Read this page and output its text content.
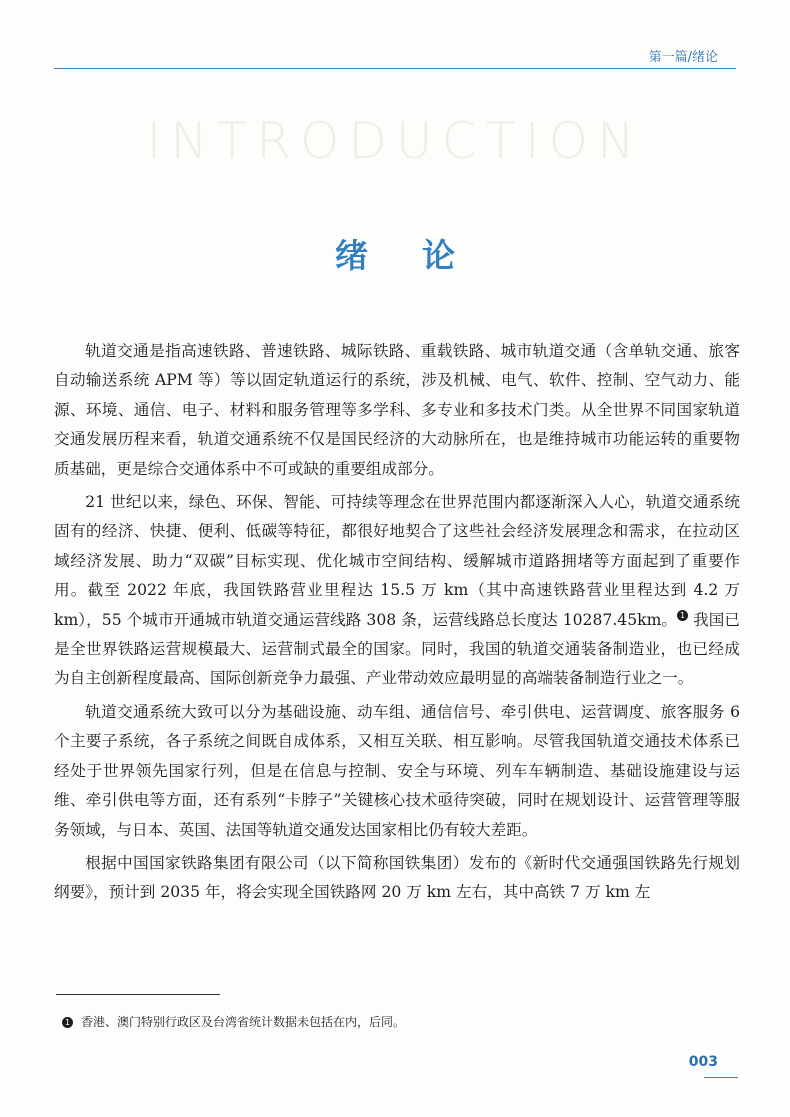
第一篇/绪论
INTRODUCTION
绪论

轨道交通是指高速铁路、普速铁路、城际铁路、重载铁路、城市轨道交通（含单轨交通、旅客自动输送系统 APM 等）等以固定轨道运行的系统，涉及机械、电气、软件、控制、空气动力、能源、环境、通信、电子、材料和服务管理等多学科、多专业和多技术门类。从全世界不同国家轨道交通发展历程来看，轨道交通系统不仅是国民经济的大动脉所在，也是维持城市功能运转的重要物质基础，更是综合交通体系中不可或缺的重要组成部分。

21 世纪以来，绿色、环保、智能、可持续等理念在世界范围内都逐渐深入人心，轨道交通系统固有的经济、快捷、便利、低碳等特征，都很好地契合了这些社会经济发展理念和需求，在拉动区域经济发展、助力“双碳”目标实现、优化城市空间结构、缓解城市道路拥堵等方面起到了重要作用。截至 2022 年底，我国铁路营业里程达 15.5 万 km（其中高速铁路营业里程达到 4.2 万 km），55 个城市开通城市轨道交通运营线路 308 条，运营线路总长度达 10287.45km。 1 我国已是全世界铁路运营规模最大、运营制式最全的国家。同时，我国的轨道交通装备制造业，也已经成为自主创新程度最高、国际创新竞争力最强、产业带动效应最明显的高端装备制造行业之一。

轨道交通系统大致可以分为基础设施、动车组、通信信号、牵引供电、运营调度、旅客服务 6 个主要子系统，各子系统之间既自成体系，又相互关联、相互影响。尽管我国轨道交通技术体系已经处于世界领先国家行列，但是在信息与控制、安全与环境、列车车辆制造、基础设施建设与运维、牵引供电等方面，还有系列“卡脖子”关键核心技术亟待突破，同时在规划设计、运营管理等服务领域，与日本、英国、法国等轨道交通发达国家相比仍有较大差距。

根据中国国家铁路集团有限公司（以下简称国铁集团）发布的《新时代交通强国铁路先行规划纲要》，预计到 2035 年，将会实现全国铁路网 20 万 km 左右，其中高铁 7 万 km 左

1 香港、澳门特别行政区及台湾省统计数据未包括在内，后同。
003
